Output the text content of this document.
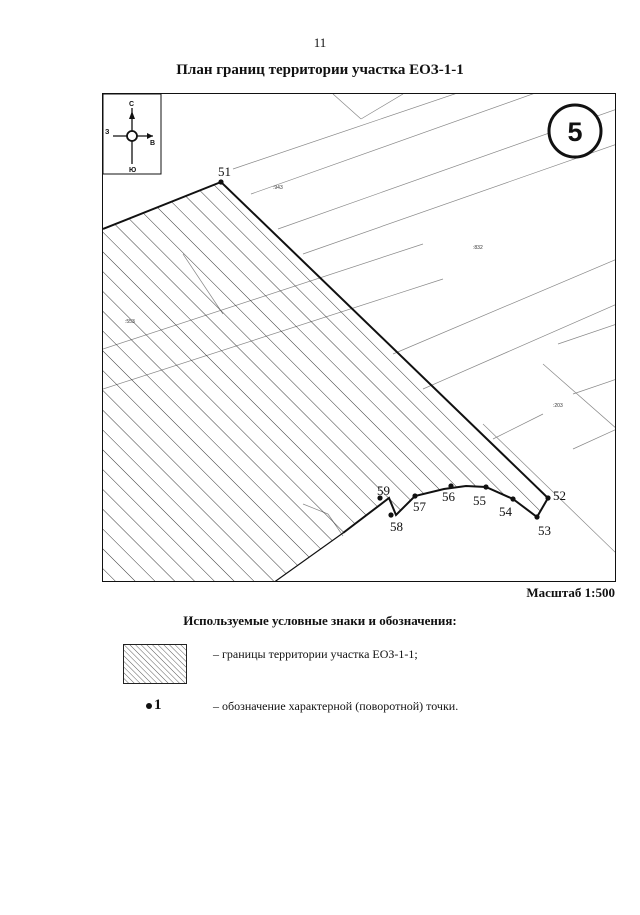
11
План границ территории участка ЕОЗ-1-1
51
52
53
54
55
56
57
58
59
:943
:832
:553
:203
С
Ю
З
В	5
Масштаб 1:500
Используемые условные знаки и обозначения:
– границы территории участка ЕОЗ-1-1;
1	– обозначение характерной (поворотной) точки.
